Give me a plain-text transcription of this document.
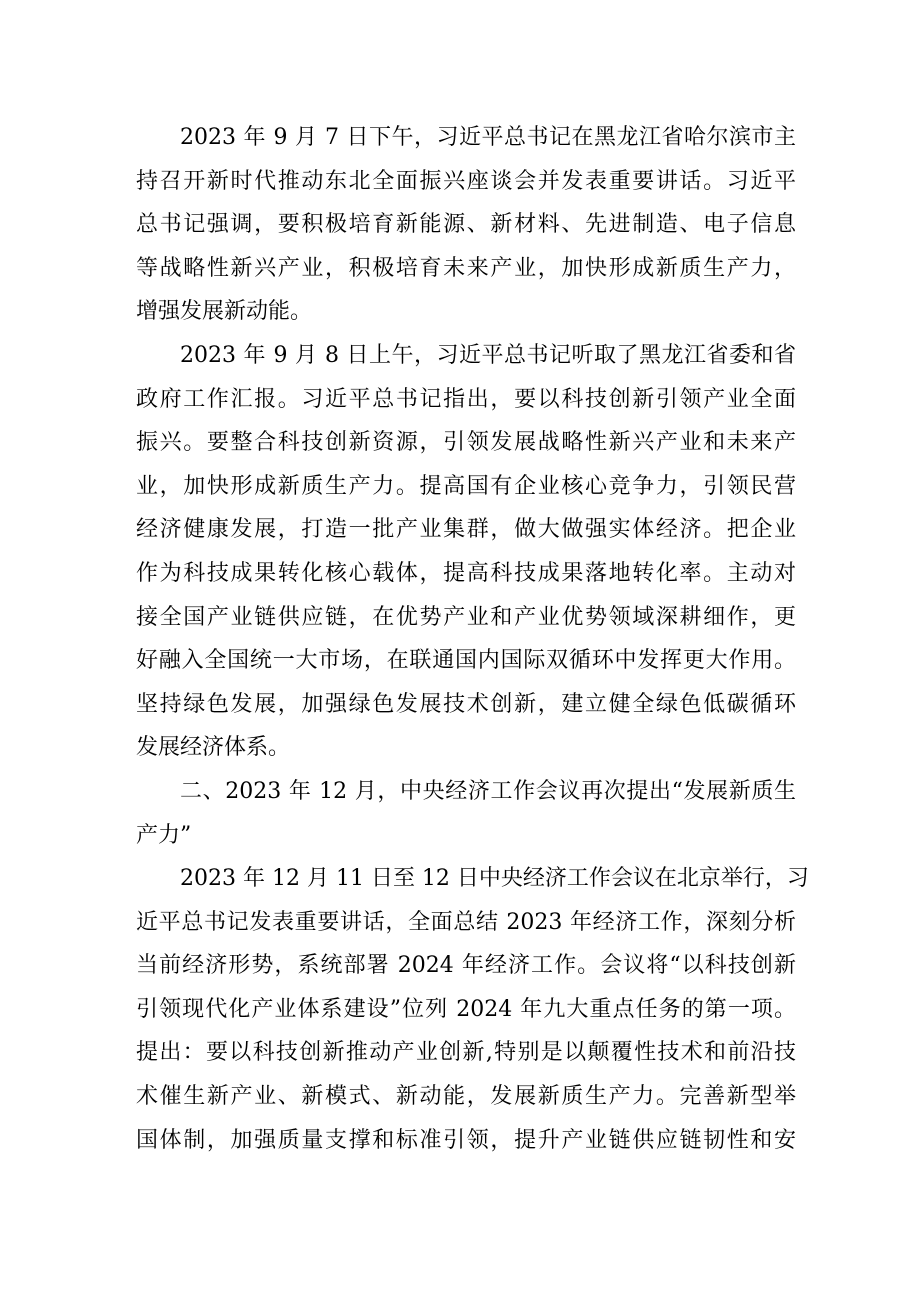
2023 年 9 月 7 日下午，习近平总书记在黑龙江省哈尔滨市主
持召开新时代推动东北全面振兴座谈会并发表重要讲话。习近平
总书记强调，要积极培育新能源、新材料、先进制造、电子信息
等战略性新兴产业，积极培育未来产业，加快形成新质生产力，
增强发展新动能。
2023 年 9 月 8 日上午，习近平总书记听取了黑龙江省委和省
政府工作汇报。习近平总书记指出，要以科技创新引领产业全面
振兴。要整合科技创新资源，引领发展战略性新兴产业和未来产
业，加快形成新质生产力。提高国有企业核心竞争力，引领民营
经济健康发展，打造一批产业集群，做大做强实体经济。把企业
作为科技成果转化核心载体，提高科技成果落地转化率。主动对
接全国产业链供应链，在优势产业和产业优势领域深耕细作，更
好融入全国统一大市场，在联通国内国际双循环中发挥更大作用。
坚持绿色发展，加强绿色发展技术创新，建立健全绿色低碳循环
发展经济体系。
二、2023 年 12 月，中央经济工作会议再次提出“发展新质生
产力”
2023 年 12 月 11 日至 12 日中央经济工作会议在北京举行，习
近平总书记发表重要讲话，全面总结 2023 年经济工作，深刻分析
当前经济形势，系统部署 2024 年经济工作。会议将“以科技创新
引领现代化产业体系建设”位列 2024 年九大重点任务的第一项。
提出：要以科技创新推动产业创新,特别是以颠覆性技术和前沿技
术催生新产业、新模式、新动能，发展新质生产力。完善新型举
国体制，加强质量支撑和标准引领，提升产业链供应链韧性和安
